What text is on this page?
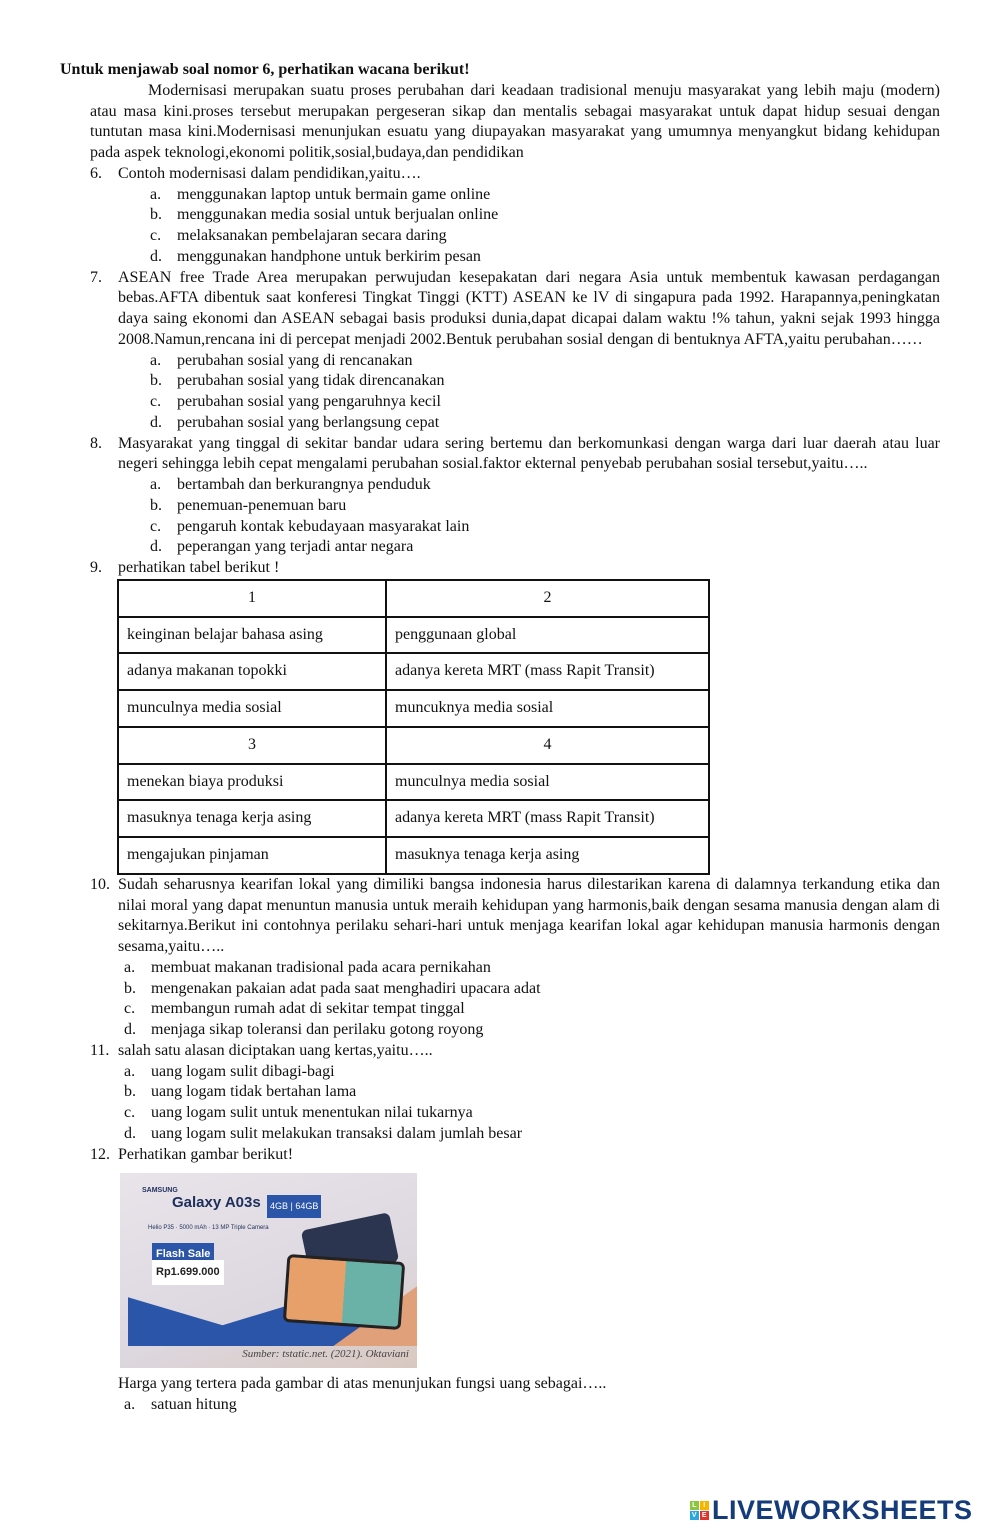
Untuk menjawab soal nomor 6, perhatikan wacana berikut!
Modernisasi merupakan suatu proses perubahan dari keadaan tradisional menuju masyarakat yang lebih maju (modern) atau masa kini.proses tersebut merupakan pergeseran sikap dan mentalis sebagai masyarakat untuk dapat hidup sesuai dengan tuntutan masa kini.Modernisasi menunjukan esuatu yang diupayakan masyarakat yang umumnya menyangkut bidang kehidupan pada aspek teknologi,ekonomi politik,sosial,budaya,dan pendidikan
6. Contoh modernisasi dalam pendidikan,yaitu….
a. menggunakan laptop untuk bermain game online
b. menggunakan media sosial untuk berjualan online
c. melaksanakan pembelajaran secara daring
d. menggunakan handphone untuk berkirim pesan
7. ASEAN free Trade Area merupakan perwujudan kesepakatan dari negara Asia untuk membentuk kawasan perdagangan bebas.AFTA dibentuk saat konferesi Tingkat Tinggi (KTT) ASEAN ke lV di singapura pada 1992. Harapannya,peningkatan daya saing ekonomi dan ASEAN sebagai basis produksi dunia,dapat dicapai dalam waktu !% tahun, yakni sejak 1993 hingga 2008.Namun,rencana ini di percepat menjadi 2002.Bentuk perubahan sosial dengan di bentuknya AFTA,yaitu perubahan……
a. perubahan sosial yang di rencanakan
b. perubahan sosial yang tidak direncanakan
c. perubahan sosial yang pengaruhnya kecil
d. perubahan sosial yang berlangsung cepat
8. Masyarakat yang tinggal di sekitar bandar udara sering bertemu dan berkomunkasi dengan warga dari luar daerah atau luar negeri sehingga lebih cepat mengalami perubahan sosial.faktor ekternal penyebab perubahan sosial tersebut,yaitu…..
a. bertambah dan berkurangnya penduduk
b. penemuan-penemuan baru
c. pengaruh kontak kebudayaan masyarakat lain
d. peperangan yang terjadi antar negara
9. perhatikan tabel berikut !
1	2
keinginan belajar bahasa asing	penggunaan global
adanya makanan topokki	adanya kereta MRT (mass Rapit Transit)
munculnya media sosial	muncuknya media sosial
3	4
menekan biaya produksi	munculnya media sosial
masuknya tenaga kerja asing	adanya kereta MRT (mass Rapit Transit)
mengajukan pinjaman	masuknya tenaga kerja asing
10. Sudah seharusnya kearifan lokal yang dimiliki bangsa indonesia harus dilestarikan karena di dalamnya terkandung etika dan nilai moral yang dapat menuntun manusia untuk meraih kehidupan yang harmonis,baik dengan sesama manusia dengan alam di sekitarnya.Berikut ini contohnya perilaku sehari-hari untuk menjaga kearifan lokal agar kehidupan manusia harmonis dengan sesama,yaitu…..
a. membuat makanan tradisional pada acara pernikahan
b. mengenakan pakaian adat pada saat menghadiri upacara adat
c. membangun rumah adat di sekitar tempat tinggal
d. menjaga sikap toleransi dan perilaku gotong royong
11. salah satu alasan diciptakan uang kertas,yaitu…..
a. uang logam sulit dibagi-bagi
b. uang logam tidak bertahan lama
c. uang logam sulit untuk menentukan nilai tukarnya
d. uang logam sulit melakukan transaksi dalam jumlah besar
12. Perhatikan gambar berikut!
SAMSUNG
Galaxy A03s	4GB | 64GB
Helio P35 · 5000 mAh · 13 MP Triple Camera
Flash Sale
Rp1.699.000
Sumber: tstatic.net. (2021). Oktaviani
Harga yang tertera pada gambar di atas menunjukan fungsi uang sebagai…..
a. satuan hitung
L I
V E LIVEWORKSHEETS
